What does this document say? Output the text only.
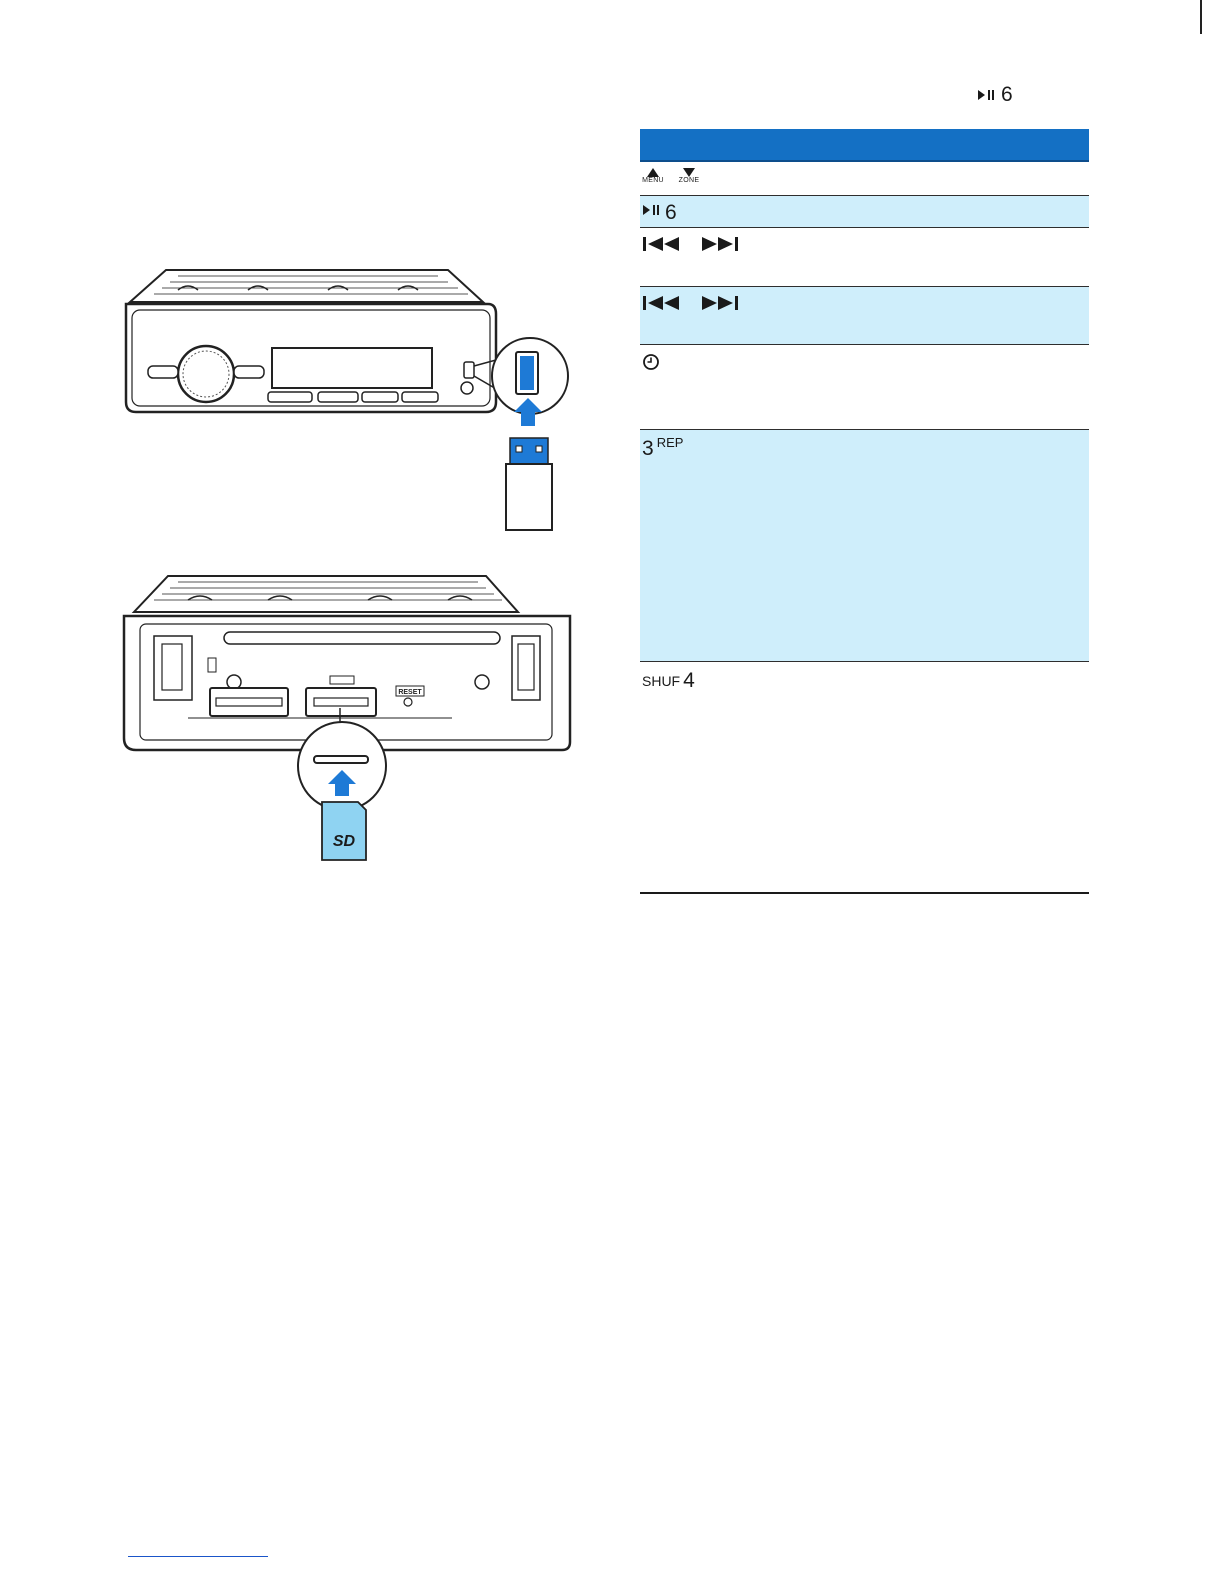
6
MENU ZONE
6
3 REP
SHUF 4
RESET
SD
